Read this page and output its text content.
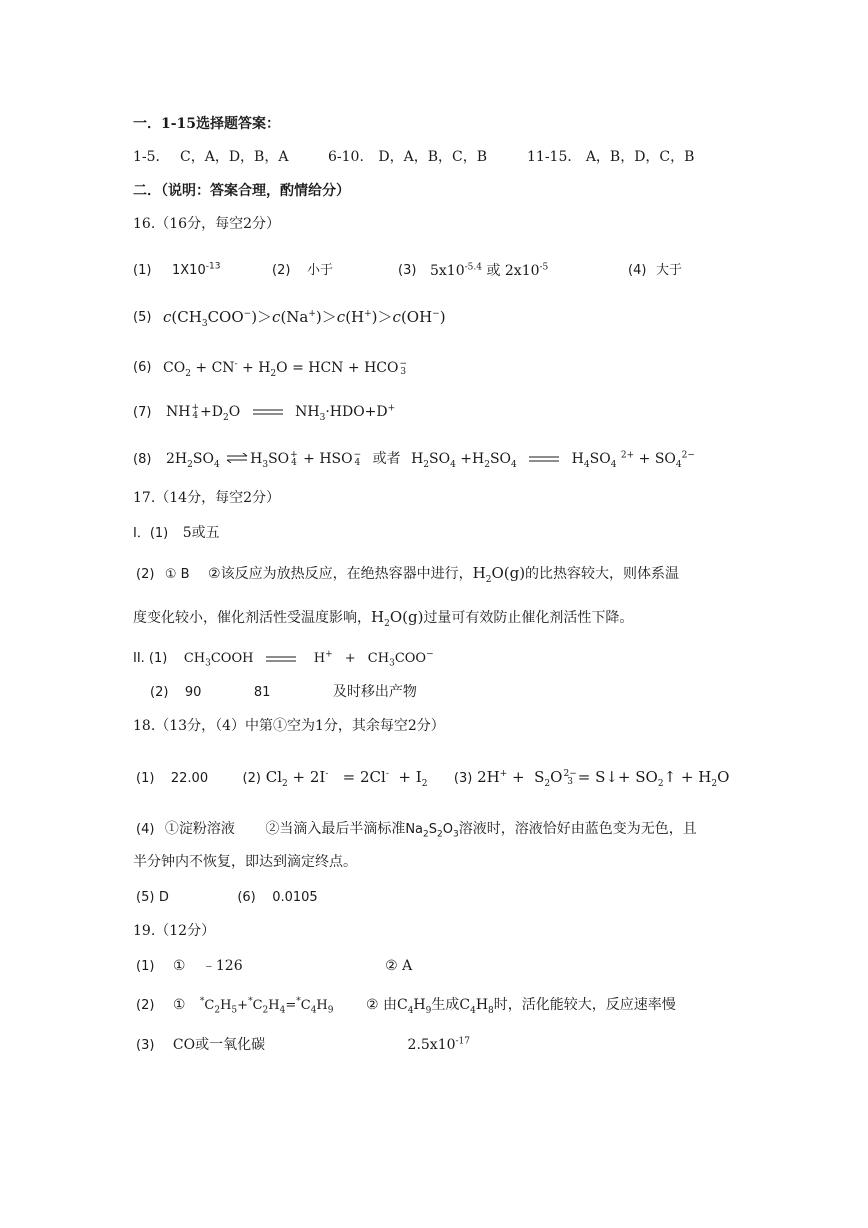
一．1-15选择题答案：
1-5． C，A，D，B，A	6-10. D，A，B，C，B	11-15． A，B，D，C，B
二．（说明：答案合理，酌情给分）
16.（16分，每空2分）
(1) $1X10^{-13}$	(2) 小于	(3) $5x10^{-5.4}$ 或 $2x10^{-5}$	(4) 大于
(5) $c(CH_3COO^-)>c(Na^+)>c(H^+)>c(OH^-)$
(6) $CO_2 + CN^- + H_2O$ = HCN + HCO−
3
(7) NH+
$4 +D_2O$	$NH_3\cdot HDO+D^+$
(8) $2H_2SO_4$ ⇌ $H_3SO+$
4 + HSO−
4 或者 $H_2SO_4 +H_2SO_4$	$H_4SO_4$ $^{2+} + SO_4^{2-}$
17.（14分，每空2分）
Ⅰ．(1) 5或五
(2) ① B ②该反应为放热反应，在绝热容器中进行，$H_2O(g)$的比热容较大，则体系温
度变化较小，催化剂活性受温度影响，$H_2O(g)$过量可有效防止催化剂活性下降。
II. (1) $CH_3COOH$	$H^+ + CH_3COO^-$
(2) 90	81	及时移出产物
18.（13分，（4）中第①空为1分，其余每空2分）
(1) 22.00	(2) $Cl_2 + 2I^- = 2Cl^- + I_2$ (3) $2H^+ + S_2O2-$
3 = S↓+ $SO_2↑ + H_2O$
(4) ①淀粉溶液 ②当滴入最后半滴标准$Na_2S_2O_3$溶液时，溶液恰好由蓝色变为无色，且
半分钟内不恢复，即达到滴定终点。
(5) D	(6) 0.0105
19.（12分）
(1) ① ﹣126	② A
(2) ① $^*C_2H_5+^*C_2H_4=^*C_4H_9$ ② 由$C_4H_9$生成$C_4H_8$时，活化能较大，反应速率慢
(3) CO或一氧化碳	$2.5x10^{-17}$
